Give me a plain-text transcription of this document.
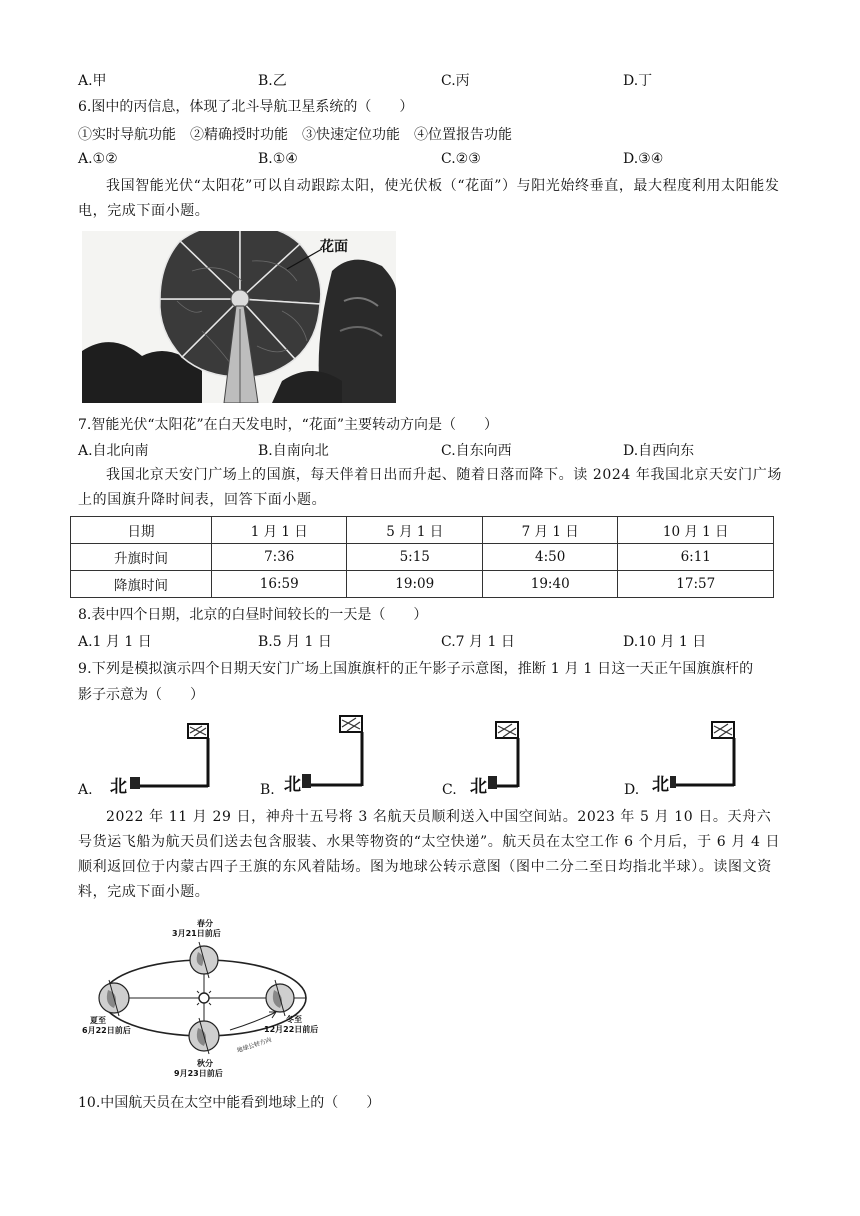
A.甲	B.乙	C.丙	D.丁
6.图中的丙信息，体现了北斗导航卫星系统的（　　）
①实时导航功能　②精确授时功能　③快速定位功能　④位置报告功能
A.①②	B.①④	C.②③	D.③④
我国智能光伏“太阳花”可以自动跟踪太阳，使光伏板（“花面”）与阳光始终垂直，最大程度利用太阳能发电，完成下面小题。
花面
7.智能光伏“太阳花”在白天发电时，“花面”主要转动方向是（　　）
A.自北向南	B.自南向北	C.自东向西	D.自西向东
我国北京天安门广场上的国旗，每天伴着日出而升起、随着日落而降下。读 2024 年我国北京天安门广场上的国旗升降时间表，回答下面小题。
日期	1 月 1 日	5 月 1 日	7 月 1 日	10 月 1 日
升旗时间	7:36	5:15	4:50	6:11
降旗时间	16:59	19:09	19:40	17:57
8.表中四个日期，北京的白昼时间较长的一天是（　　）
A.1 月 1 日	B.5 月 1 日	C.7 月 1 日	D.10 月 1 日
9.下列是模拟演示四个日期天安门广场上国旗旗杆的正午影子示意图，推断 1 月 1 日这一天正午国旗旗杆的
影子示意为（　　）
A. 北	B. 北	C. 北	D. 北
2022 年 11 月 29 日，神舟十五号将 3 名航天员顺利送入中国空间站。2023 年 5 月 10 日。天舟六号货运飞船为航天员们送去包含服装、水果等物资的“太空快递”。航天员在太空工作 6 个月后，于 6 月 4 日顺利返回位于内蒙古四子王旗的东风着陆场。图为地球公转示意图（图中二分二至日均指北半球）。读图文资料，完成下面小题。
春分
3月21日前后
夏至
6月22日前后
冬至
12月22日前后
秋分
9月23日前后
地球公转方向
10.中国航天员在太空中能看到地球上的（　　）
